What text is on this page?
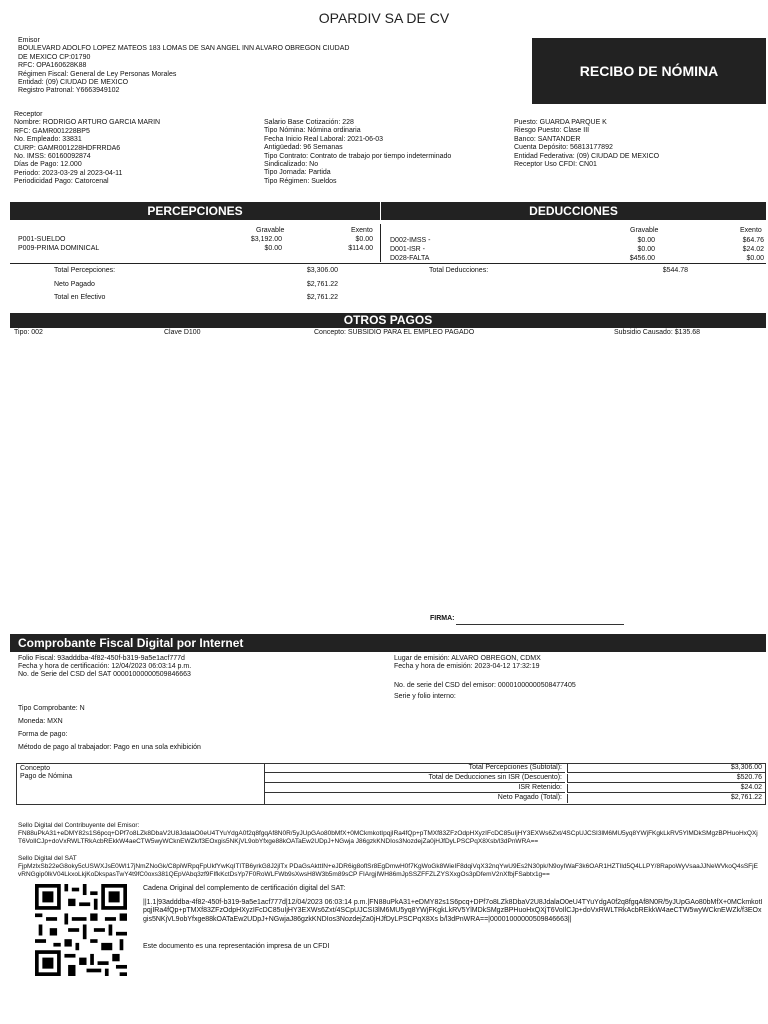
OPARDIV SA DE CV
Emisor
BOULEVARD ADOLFO LOPEZ MATEOS 183 LOMAS DE SAN ANGEL INN ALVARO OBREGON CIUDAD
DE MEXICO CP:01790
RFC: OPA160628K88
Régimen Fiscal: General de Ley Personas Morales
Entidad: (09) CIUDAD DE MEXICO
Registro Patronal: Y6663949102
RECIBO DE NÓMINA
Receptor
Nombre: RODRIGO ARTURO GARCIA MARIN
RFC: GAMR001228BP5
No. Empleado: 33831
CURP: GAMR001228HDFRRDA6
No. IMSS: 60160092874
Días de Pago: 12.000
Periodo: 2023-03-29 al 2023-04-11
Periodicidad Pago: Catorcenal
Salario Base Cotización: 228
Tipo Nómina: Nómina ordinaria
Fecha Inicio Real Laboral: 2021-06-03
Antigüedad: 96 Semanas
Tipo Contrato: Contrato de trabajo por tiempo indeterminado
Sindicalizado: No
Tipo Jornada: Partida
Tipo Régimen: Sueldos
Puesto: GUARDA PARQUE K
Riesgo Puesto: Clase III
Banco: SANTANDER
Cuenta Depósito: 56813177892
Entidad Federativa: (09) CIUDAD DE MEXICO
Receptor Uso CFDI: CN01
PERCEPCIONES	DEDUCCIONES
Gravable	Exento
P001-SUELDO	$3,192.00	$0.00
P009-PRIMA DOMINICAL	$0.00	$114.00
Gravable	Exento
D002-IMSS -	$0.00	$64.76
D001-ISR -	$0.00	$24.02
D028-FALTA	$456.00	$0.00
Total Percepciones:	$3,306.00	Total Deducciones:	$544.78
Neto Pagado	$2,761.22
Total en Efectivo	$2,761.22
OTROS PAGOS
Tipo: 002	Clave D100	Concepto: SUBSIDIO PARA EL EMPLEO PAGADO	Subsidio Causado: $135.68
FIRMA:
Comprobante Fiscal Digital por Internet
Folio Fiscal: 93adddba-4f82-450f-b319-9a5e1acf777d
Fecha y hora de certificación: 12/04/2023 06:03:14 p.m.
No. de Serie del CSD del SAT 00001000000509846663
Lugar de emisión: ALVARO OBREGON, CDMX
Fecha y hora de emisión: 2023-04-12 17:32:19
No. de serie del CSD del emisor: 00001000000508477405
Serie y folio interno:
Tipo Comprobante: N
Moneda: MXN
Forma de pago:
Método de pago al trabajador: Pago en una sola exhibición
Concepto
Pago de Nómina
Total Percepciones (Subtotal):	$3,306.00
Total de Deducciones sin ISR (Descuento):	$520.76
ISR Retenido:	$24.02
Neto Pagado (Total):	$2,761.22
Sello Digital del Contribuyente del Emisor:
FN88uPkA31+eDMY82s1S6pcq+DPf7o8LZk8DbaV2U8JdalaO0eU4TYuYdgA0f2q8fgqAf8N0R/5yJUpGAo80bMfX+0MCkmkotIpqjIRa4fQp+pTMXf83ZFzOdpHXyzIFcDC85uIjHY3EXWs6Zxt/4SCpUJCSI3lM6MU5yq8YWjFKgkLkRV5YlMDkSMgzBPHuoHxQXjT6VoIlCJp+doVxRWLTRkAcbREkkW4aeCTW5wyWCknEWZk/f3EOxgis5NKjVL9obYfxge88kOATaEw2UDpJ+NGwja J86gzkKNDIos3NozdejZa0jHJfDyLPSCPqX8Xsb/l3dPnWRA==
Sello Digital del SAT
FjpMzlxSb22eG8oky5cUSWXJsE0WI17jNmZNoGk/C8piWRpqFpUkfYwKqITITB6yrkG8J2jlTx PDaGsAkttIN+eJDR6ig8oflSr8EgDmwH0f7KgWoGk8WieIF8dqiVqX32nqYwU9Es2N30pk/N9oyIWaF3k6OAR1HZTIld5Q4LLPY/8RapoWyVsaaJJNeWVkoQ4sSFjEvRNGgip0lkV04LkxoLkjKoDkspasTwY4t9fC0oxs381QEpVAbq3zf9FIfkKctDsYp7F0RoWLFWb9sXwsH8W3b5m89sCP FIArgjIWH86mJpSSZFFZLZYSXxgOs3pDfemV2nXfbjFSabtx1g==
Cadena Original del complemento de certificación digital del SAT:
||1.1|93adddba-4f82-450f-b319-9a5e1acf777d|12/04/2023 06:03:14 p.m.|FN88uPkA31+eDMY82s1S6pcq+DPf7o8LZk8DbaV2U8JdalaO0eU4TYuYdgA0f2q8fgqAf8N0R/5yJUpGAo80bMfX+0MCkmkotIpqjIRa4fQp+pTMXf83ZFzOdpHXyzIFcDC85uIjHY3EXWs6Zxt/4SCpUJCSI3lM6MU5yq8YWjFKgkLkRV5YlMDkSMgzBPHuoHxQXjT6VoIlCJp+doVxRWLTRkAcbREkkW4aeCTW5wyWCknEWZk/f3EOxgis5NKjVL9obYfxge88kOATaEw2UDpJ+NGwjaJ86gzkKNDIos3NozdejZa0jHJfDyLPSCPqX8Xs b/l3dPnWRA==|00001000000509846663||
Este documento es una representación impresa de un CFDI
